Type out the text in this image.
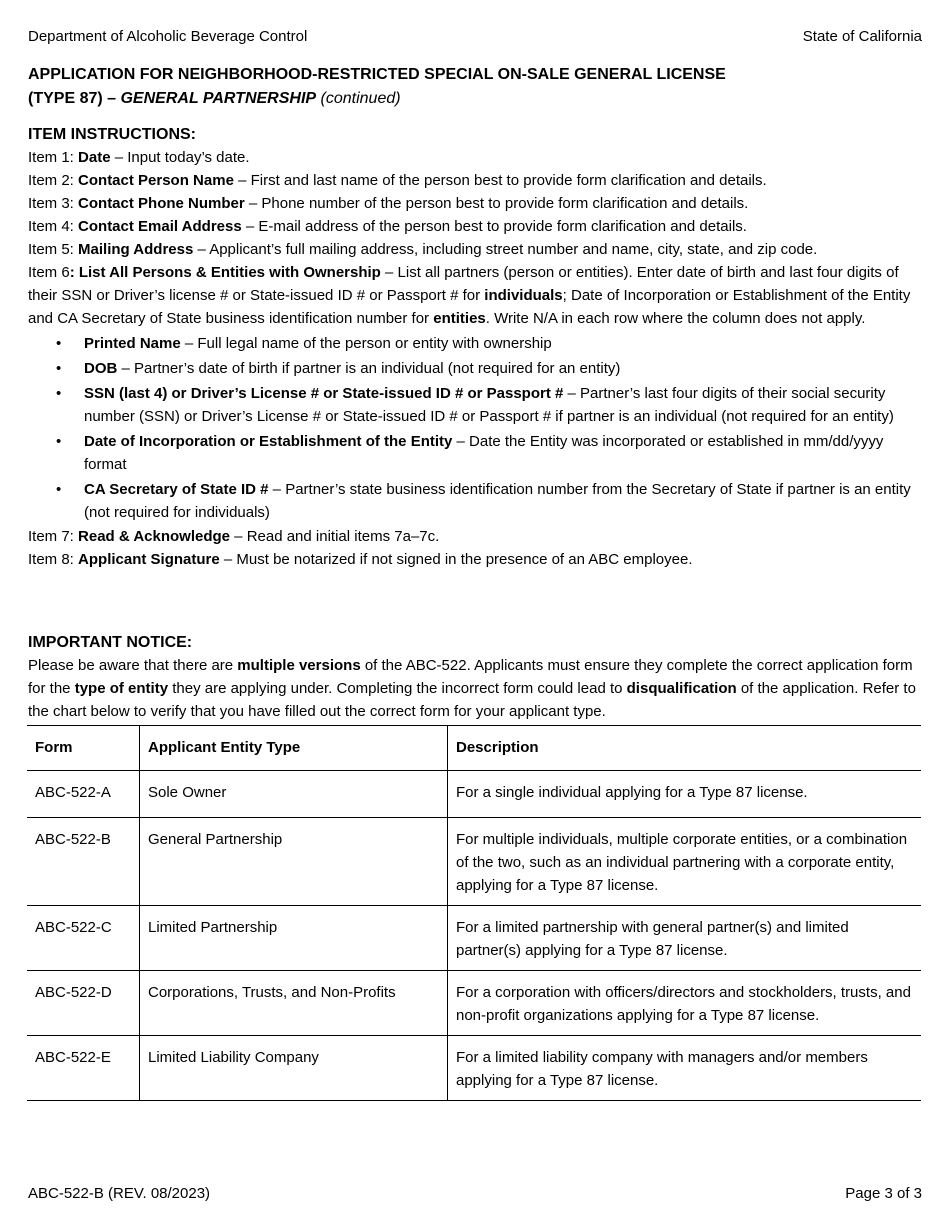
Department of Alcoholic Beverage Control	State of California
APPLICATION FOR NEIGHBORHOOD-RESTRICTED SPECIAL ON-SALE GENERAL LICENSE
(TYPE 87) – GENERAL PARTNERSHIP (continued)
ITEM INSTRUCTIONS:

Item 1: Date – Input today’s date.

Item 2: Contact Person Name – First and last name of the person best to provide form clarification and details.

Item 3: Contact Phone Number – Phone number of the person best to provide form clarification and details.

Item 4: Contact Email Address – E-mail address of the person best to provide form clarification and details.

Item 5: Mailing Address – Applicant’s full mailing address, including street number and name, city, state, and zip code.

Item 6: List All Persons & Entities with Ownership – List all partners (person or entities). Enter date of birth and last four digits of their SSN or Driver’s license # or State-issued ID # or Passport # for individuals; Date of Incorporation or Establishment of the Entity and CA Secretary of State business identification number for entities. Write N/A in each row where the column does not apply.

• Printed Name – Full legal name of the person or entity with ownership
• DOB – Partner’s date of birth if partner is an individual (not required for an entity)
• SSN (last 4) or Driver’s License # or State-issued ID # or Passport # – Partner’s last four digits of their social security number (SSN) or Driver’s License # or State-issued ID # or Passport # if partner is an individual (not required for an entity)
• Date of Incorporation or Establishment of the Entity – Date the Entity was incorporated or established in mm/dd/yyyy format
• CA Secretary of State ID # – Partner’s state business identification number from the Secretary of State if partner is an entity (not required for individuals)

Item 7: Read & Acknowledge – Read and initial items 7a–7c.

Item 8: Applicant Signature – Must be notarized if not signed in the presence of an ABC employee.

IMPORTANT NOTICE:

Please be aware that there are multiple versions of the ABC-522. Applicants must ensure they complete the correct application form for the type of entity they are applying under. Completing the incorrect form could lead to disqualification of the application. Refer to the chart below to verify that you have filled out the correct form for your applicant type.

Form	Applicant Entity Type	Description
ABC-522-A	Sole Owner	For a single individual applying for a Type 87 license.
ABC-522-B	General Partnership	For multiple individuals, multiple corporate entities, or a combination of the two, such as an individual partnering with a corporate entity, applying for a Type 87 license.
ABC-522-C	Limited Partnership	For a limited partnership with general partner(s) and limited partner(s) applying for a Type 87 license.
ABC-522-D	Corporations, Trusts, and Non-Profits	For a corporation with officers/directors and stockholders, trusts, and non-profit organizations applying for a Type 87 license.
ABC-522-E	Limited Liability Company	For a limited liability company with managers and/or members applying for a Type 87 license.
ABC-522-B (REV. 08/2023)	Page 3 of 3
